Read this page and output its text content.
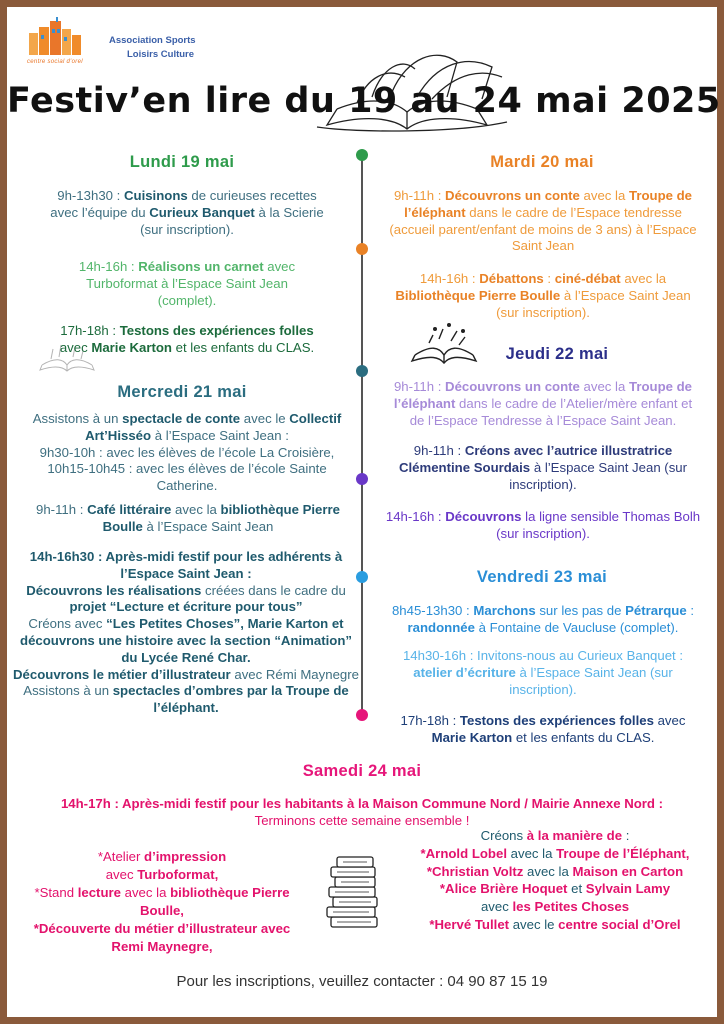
centre social d'orel
Association Sports
Loisirs Culture
Festiv’en lire du 19 au 24 mai 2025
Lundi 19 mai
9h-13h30 : Cuisinons de curieuses recettes avec l’équipe du Curieux Banquet à la Scierie (sur inscription).
14h-16h : Réalisons un carnet avec Turboformat à l’Espace Saint Jean (complet).
17h-18h : Testons des expériences folles avec Marie Karton et les enfants du CLAS.
Mercredi 21 mai
Assistons à un spectacle de conte avec le Collectif Art’Hisséo à l’Espace Saint Jean :
9h30-10h : avec les élèves de l’école La Croisière,
10h15-10h45 : avec les élèves de l’école Sainte Catherine.
9h-11h : Café littéraire avec la bibliothèque Pierre Boulle à l’Espace Saint Jean
14h-16h30 : Après-midi festif pour les adhérents à l’Espace Saint Jean :
Découvrons les réalisations créées dans le cadre du
projet “Lecture et écriture pour tous”
Créons avec “Les Petites Choses”, Marie Karton et découvrons une histoire avec la section “Animation” du Lycée René Char.
Découvrons le métier d’illustrateur avec Rémi Maynegre
Assistons à un spectacles d’ombres par la Troupe de l’éléphant.
Mardi 20 mai
9h-11h : Découvrons un conte avec la Troupe de l’éléphant dans le cadre de l’Espace tendresse (accueil parent/enfant de moins de 3 ans) à l’Espace Saint Jean
14h-16h : Débattons : ciné-débat avec la Bibliothèque Pierre Boulle à l’Espace Saint Jean (sur inscription).
Jeudi 22 mai
9h-11h : Découvrons un conte avec la Troupe de l’éléphant dans le cadre de l’Atelier/mère enfant et de l’Espace Tendresse à l’Espace Saint Jean.
9h-11h : Créons avec l’autrice illustratrice Clémentine Sourdais à l’Espace Saint Jean (sur inscription).
14h-16h : Découvrons la ligne sensible Thomas Bolh (sur inscription).
Vendredi 23 mai
8h45-13h30 : Marchons sur les pas de Pétrarque : randonnée à Fontaine de Vaucluse (complet).
14h30-16h : Invitons-nous au Curieux Banquet : atelier d’écriture à l’Espace Saint Jean (sur inscription).
17h-18h : Testons des expériences folles avec Marie Karton et les enfants du CLAS.
Samedi 24 mai
14h-17h : Après-midi festif pour les habitants à la Maison Commune Nord / Mairie Annexe Nord :
Terminons cette semaine ensemble !
*Atelier d’impression
avec Turboformat,
*Stand lecture avec la bibliothèque Pierre Boulle,
*Découverte du métier d’illustrateur avec Remi Maynegre,
Créons à la manière de :
*Arnold Lobel avec la Troupe de l’Éléphant,
*Christian Voltz avec la Maison en Carton
*Alice Brière Hoquet et Sylvain Lamy
avec les Petites Choses
*Hervé Tullet avec le centre social d’Orel
Pour les inscriptions, veuillez contacter : 04 90 87 15 19
